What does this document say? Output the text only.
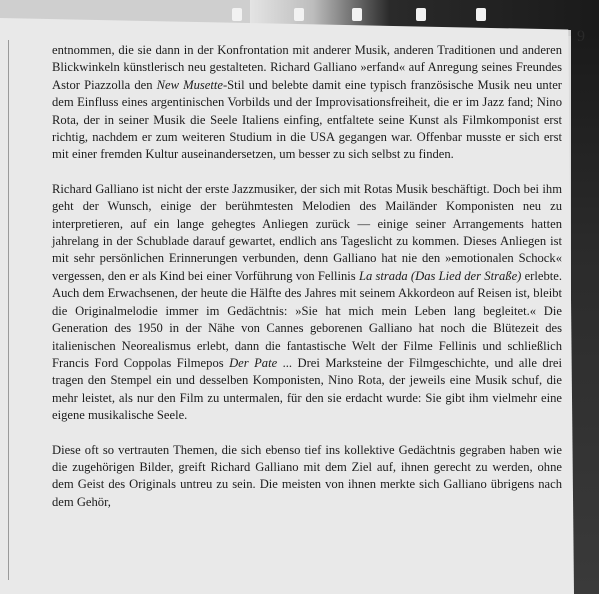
9

entnommen, die sie dann in der Konfrontation mit anderer Musik, anderen Traditionen und anderen Blickwinkeln künstlerisch neu gestalteten. Richard Galliano »erfand« auf Anregung seines Freundes Astor Piazzolla den New Musette-Stil und belebte damit eine typisch französische Musik neu unter dem Einfluss eines argentinischen Vorbilds und der Improvisationsfreiheit, die er im Jazz fand; Nino Rota, der in seiner Musik die Seele Italiens einfing, entfaltete seine Kunst als Filmkomponist erst richtig, nachdem er zum weiteren Studium in die USA gegangen war. Offenbar musste er sich erst mit einer fremden Kultur auseinandersetzen, um besser zu sich selbst zu finden.

Richard Galliano ist nicht der erste Jazzmusiker, der sich mit Rotas Musik beschäftigt. Doch bei ihm geht der Wunsch, einige der berühmtesten Melodien des Mailänder Komponisten neu zu interpretieren, auf ein lange gehegtes Anliegen zurück — einige seiner Arrangements hatten jahrelang in der Schublade darauf gewartet, endlich ans Tageslicht zu kommen. Dieses Anliegen ist mit sehr persönlichen Erinnerungen verbunden, denn Galliano hat nie den »emotionalen Schock« vergessen, den er als Kind bei einer Vorführung von Fellinis La strada (Das Lied der Straße) erlebte. Auch dem Erwachsenen, der heute die Hälfte des Jahres mit seinem Akkordeon auf Reisen ist, bleibt die Originalmelodie immer im Gedächtnis: »Sie hat mich mein Leben lang begleitet.« Die Generation des 1950 in der Nähe von Cannes geborenen Galliano hat noch die Blütezeit des italienischen Neorealismus erlebt, dann die fantastische Welt der Filme Fellinis und schließlich Francis Ford Coppolas Filmepos Der Pate ... Drei Marksteine der Filmgeschichte, und alle drei tragen den Stempel ein und desselben Komponisten, Nino Rota, der jeweils eine Musik schuf, die mehr leistet, als nur den Film zu untermalen, für den sie erdacht wurde: Sie gibt ihm vielmehr eine eigene musikalische Seele.

Diese oft so vertrauten Themen, die sich ebenso tief ins kollektive Gedächtnis gegraben haben wie die zugehörigen Bilder, greift Richard Galliano mit dem Ziel auf, ihnen gerecht zu werden, ohne dem Geist des Originals untreu zu sein. Die meisten von ihnen merkte sich Galliano übrigens nach dem Gehör,
